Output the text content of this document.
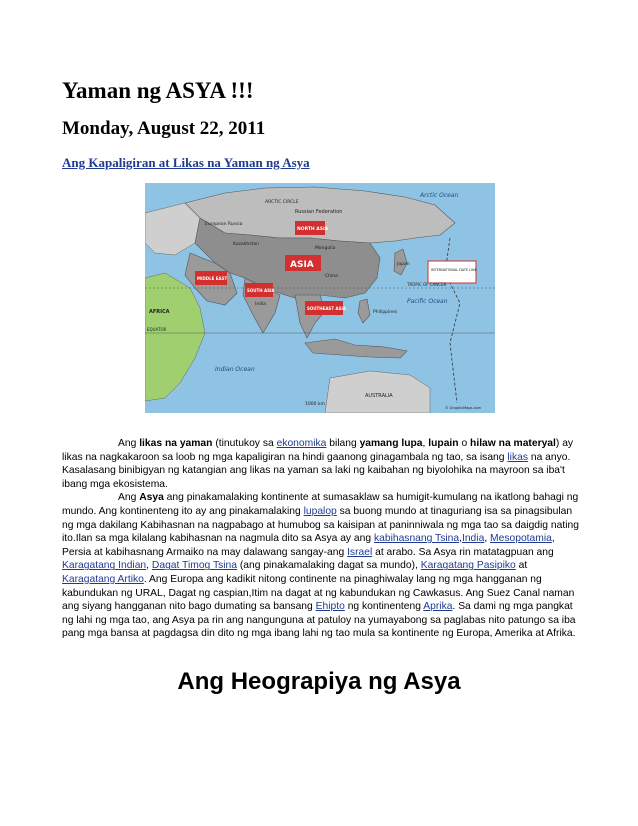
Yaman ng ASYA !!!
Monday, August 22, 2011
Ang Kapaligiran at Likas na Yaman ng Asya
Arctic Ocean
ARCTIC CIRCLE
Russian Federation
European Russia
NORTH ASIA
Kazakhstan
Mongolia
ASIA
China
MIDDLE EAST
SOUTH ASIA
India
Japan
Pacific Ocean
TROPIC OF CANCER
SOUTHEAST ASIA
Philippines
EQUATOR
Indian Ocean
AFRICA
AUSTRALIA
INTERNATIONAL DATE LINE
1000 km
© GraphicMaps.com

Ang likas na yaman (tinutukoy sa ekonomika bilang yamang lupa, lupain o hilaw na materyal) ay likas na nagkakaroon sa loob ng mga kapaligiran na hindi gaanong ginagambala ng tao, sa isang likas na anyo. Kasalasang binibigyan ng katangian ang likas na yaman sa laki ng kaibahan ng biyolohika na mayroon sa iba't ibang mga ekosistema.

Ang Asya ang pinakamalaking kontinente at sumasaklaw sa humigit-kumulang na ikatlong bahagi ng mundo. Ang kontinenteng ito ay ang pinakamalaking lupalop sa buong mundo at tinaguriang isa sa pinagsibulan ng mga dakilang Kabihasnan na nagpabago at humubog sa kaisipan at paninniwala ng mga tao sa daigdig nating ito.Ilan sa mga kilalang kabihasnan na nagmula dito sa Asya ay ang kabihasnang Tsina,India, Mesopotamia, Persia at kabihasnang Armaiko na may dalawang sangay-ang Israel at arabo. Sa Asya rin matatagpuan ang Karagatang Indian, Dagat Timog Tsina (ang pinakamalaking dagat sa mundo), Karagatang Pasipiko at Karagatang Artiko. Ang Europa ang kadikit nitong continente na pinaghiwalay lang ng mga hangganan ng kabundukan ng URAL, Dagat ng caspian,Itim na dagat at ng kabundukan ng Cawkasus. Ang Suez Canal naman ang siyang hangganan nito bago dumating sa bansang Ehipto ng kontinenteng Aprika. Sa dami ng mga pangkat ng lahi ng mga tao, ang Asya pa rin ang nangunguna at patuloy na yumayabong sa paglabas nito patungo sa iba pang mga bansa at pagdagsa din dito ng mga ibang lahi ng tao mula sa kontinente ng Europa, Amerika at Afrika.

Ang Heograpiya ng Asya
